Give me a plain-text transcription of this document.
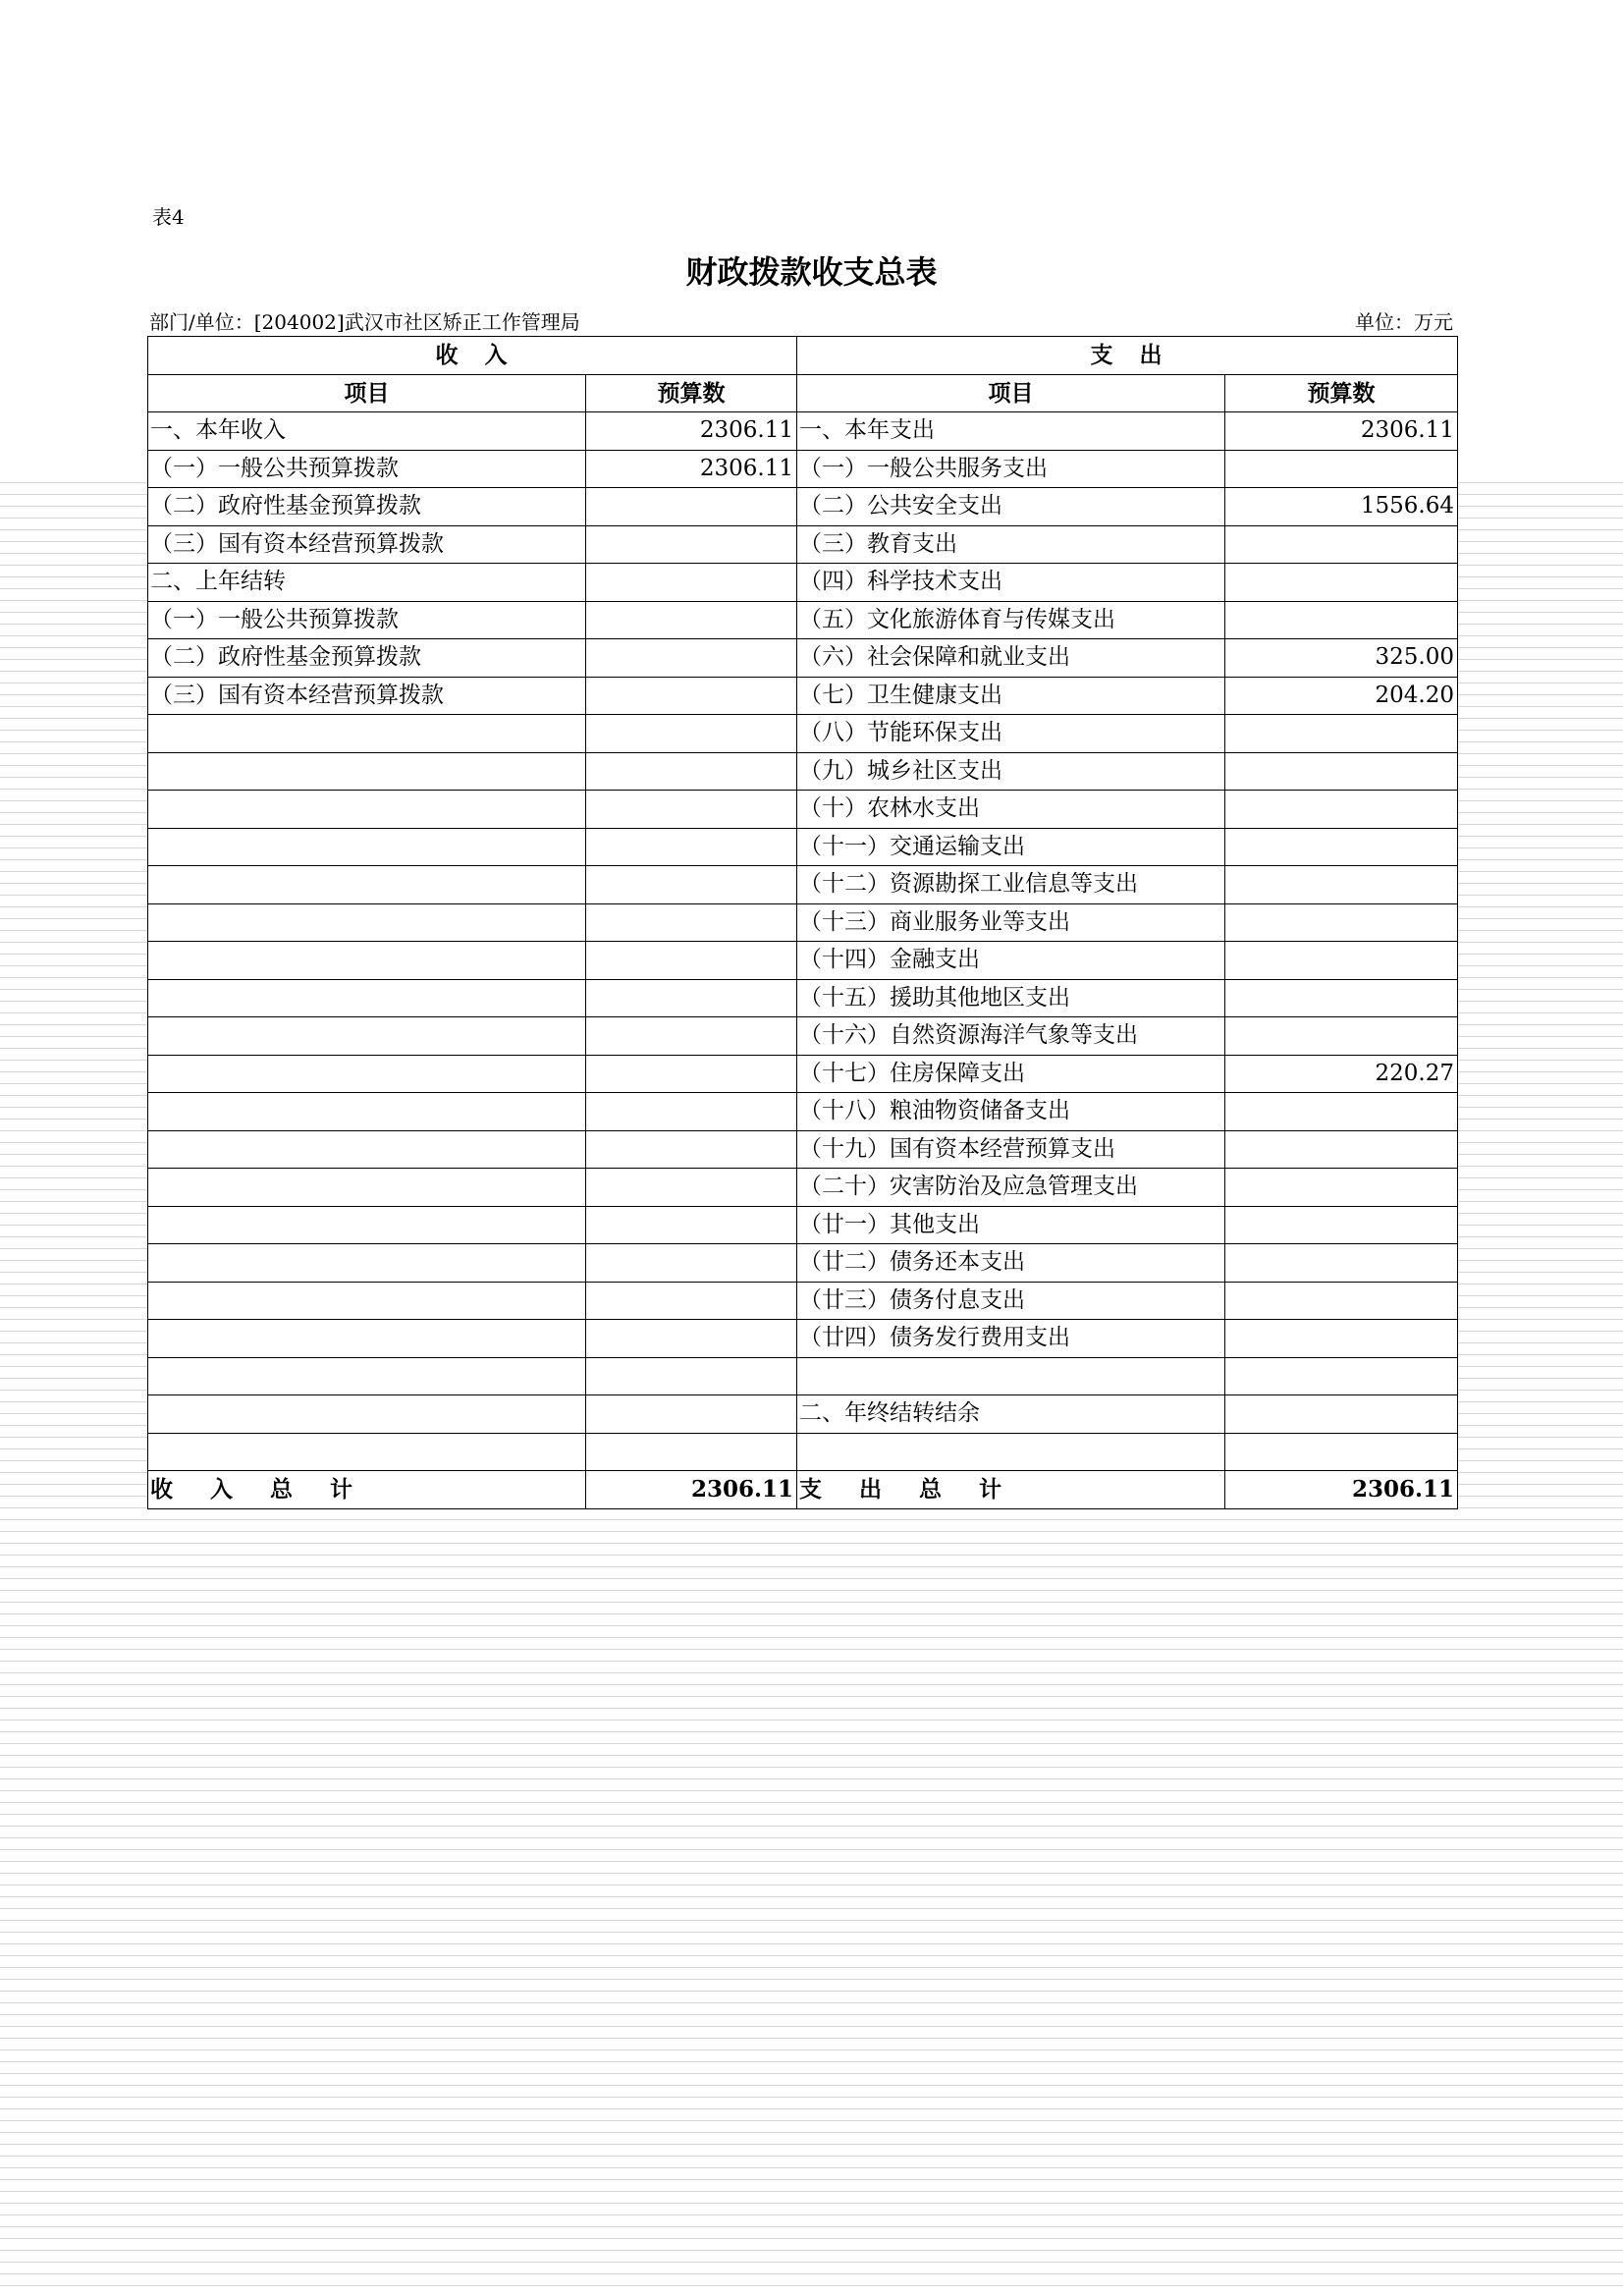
表4
财政拨款收支总表
部门/单位：[204002]武汉市社区矫正工作管理局	单位：万元
收　入		支　出	
项目	预算数	项目	预算数
一、本年收入	2306.11	一、本年支出	2306.11
（一）一般公共预算拨款	2306.11	（一）一般公共服务支出	
（二）政府性基金预算拨款		（二）公共安全支出	1556.64
（三）国有资本经营预算拨款		（三）教育支出	
二、上年结转		（四）科学技术支出	
（一）一般公共预算拨款		（五）文化旅游体育与传媒支出	
（二）政府性基金预算拨款		（六）社会保障和就业支出	325.00
（三）国有资本经营预算拨款		（七）卫生健康支出	204.20
		（八）节能环保支出	
		（九）城乡社区支出	
		（十）农林水支出	
		（十一）交通运输支出	
		（十二）资源勘探工业信息等支出	
		（十三）商业服务业等支出	
		（十四）金融支出	
		（十五）援助其他地区支出	
		（十六）自然资源海洋气象等支出	
		（十七）住房保障支出	220.27
		（十八）粮油物资储备支出	
		（十九）国有资本经营预算支出	
		（二十）灾害防治及应急管理支出	
		（廿一）其他支出	
		（廿二）债务还本支出	
		（廿三）债务付息支出	
		（廿四）债务发行费用支出	

		二、年终结转结余	

收入总计	2306.11	支出总计	2306.11
